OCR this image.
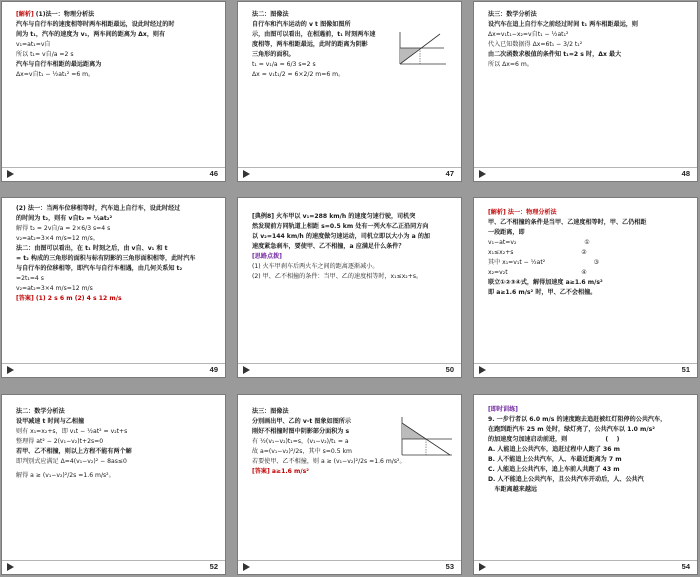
[解析] (1)法一：物理分析法
汽车与自行车的速度相等时两车相距最远，设此时经过的时
间为 t₁，汽车的速度为 v₁，两车间的距离为 Δx，则有
v₁=at₁=v自
所以 t₁= v自/a =2 s
汽车与自行车相距的最远距离为
Δx=v自t₁ − ½at₁² =6 m。
46
法二：图像法
自行车和汽车运动的 v t 图像如图所
示，由图可以看出，在相遇前，t₁ 时刻两车速
度相等，两车相距最远，此时的距离为阴影
三角形的面积。
t₁ = v₁/a = 6/3 s=2 s
Δx = v₁t₁/2 = 6×2/2 m=6 m。
47
法三：数学分析法
设汽车在追上自行车之前经过时间 t₁ 两车相距最远，则
Δx=v₁t₁−x₂=v自t₁ − ½at₁²
代入已知数据得 Δx=6t₁ − 3/2 t₁²
由二次函数求极值的条件知 t₁=2 s 时，Δx 最大
所以 Δx=6 m。
48
(2) 法一：当两车位移相等时，汽车追上自行车，设此时经过
的时间为 t₂，则有 v自t₂ = ½at₂²
解得 t₂ = 2v自/a = 2×6/3 s=4 s
v₂=at₂=3×4 m/s=12 m/s。
法二：由图可以看出，在 t₁ 时刻之后，由 v自、v₁ 和 t
= t₂ 构成的三角形的面积与标有阴影的三角形面积相等，此时汽车
与自行车的位移相等，即汽车与自行车相遇，由几何关系知 t₂
=2t₁=4 s
v₂=at₂=3×4 m/s=12 m/s
[答案] (1) 2 s 6 m (2) 4 s 12 m/s
49
[典例8] 火车甲以 v₁=288 km/h 的速度匀速行驶，司机突
然发现前方同轨道上相距 s=0.5 km 处有一列火车乙正沿同方向
以 v₂=144 km/h 的速度做匀速运动，司机立即以大小为 a 的加
速度紧急刹车，要使甲、乙不相撞，a 应满足什么条件？
[思路点拨]
(1) 火车甲刹车后两火车之间的距离逐渐减小。
(2) 甲、乙不相撞的条件：当甲、乙的速度相等时，x₁≤x₂+s。
50
[解析] 法一：物理分析法
甲、乙不相撞的条件是当甲、乙速度相等时，甲、乙仍相距
一段距离，即
v₁−at=v₂                                   ①
x₁≤x₂+s                                   ②
其中 x₁=v₁t − ½at²                         ③
x₂=v₂t                                      ④
联立①②③④式，解得加速度 a≥1.6 m/s²
即 a≥1.6 m/s² 时，甲、乙不会相撞。
51
法二：数学分析法
设甲减速 t 时间与乙相撞
则有 x₁=x₂+s，即 v₁t − ½at² = v₂t+s
整理得 at² − 2(v₁−v₂)t+2s=0
若甲、乙不相撞，则以上方程不能有两个解
即判别式应满足 Δ=4(v₁−v₂)² − 8as≤0
解得 a ≥ (v₁−v₂)²/2s =1.6 m/s²。
52
法三：图像法
分别画出甲、乙的 v-t 图象如图所示
刚好不相撞时图中阴影部分面积为 s
有 ½(v₁−v₂)t₁=s，(v₁−v₂)/t₁ = a
故 a=(v₁−v₂)²/2s，其中 s=0.5 km
若要使甲、乙不相撞，则 a ≥ (v₁−v₂)²/2s =1.6 m/s²。
[答案] a≥1.6 m/s²
53
[即时训练]
9. 一步行者以 6.0 m/s 的速度跑去追赶被红灯阻停的公共汽车，
在跑到距汽车 25 m 处时，绿灯亮了，公共汽车以 1.0 m/s²
的加速度匀加速启动前进，则                  (    )
A. 人能追上公共汽车，追赶过程中人跑了 36 m
B. 人不能追上公共汽车，人、车最近距离为 7 m
C. 人能追上公共汽车，追上车前人共跑了 43 m
D. 人不能追上公共汽车，且公共汽车开动后，人、公共汽
车距离越来越远
54
